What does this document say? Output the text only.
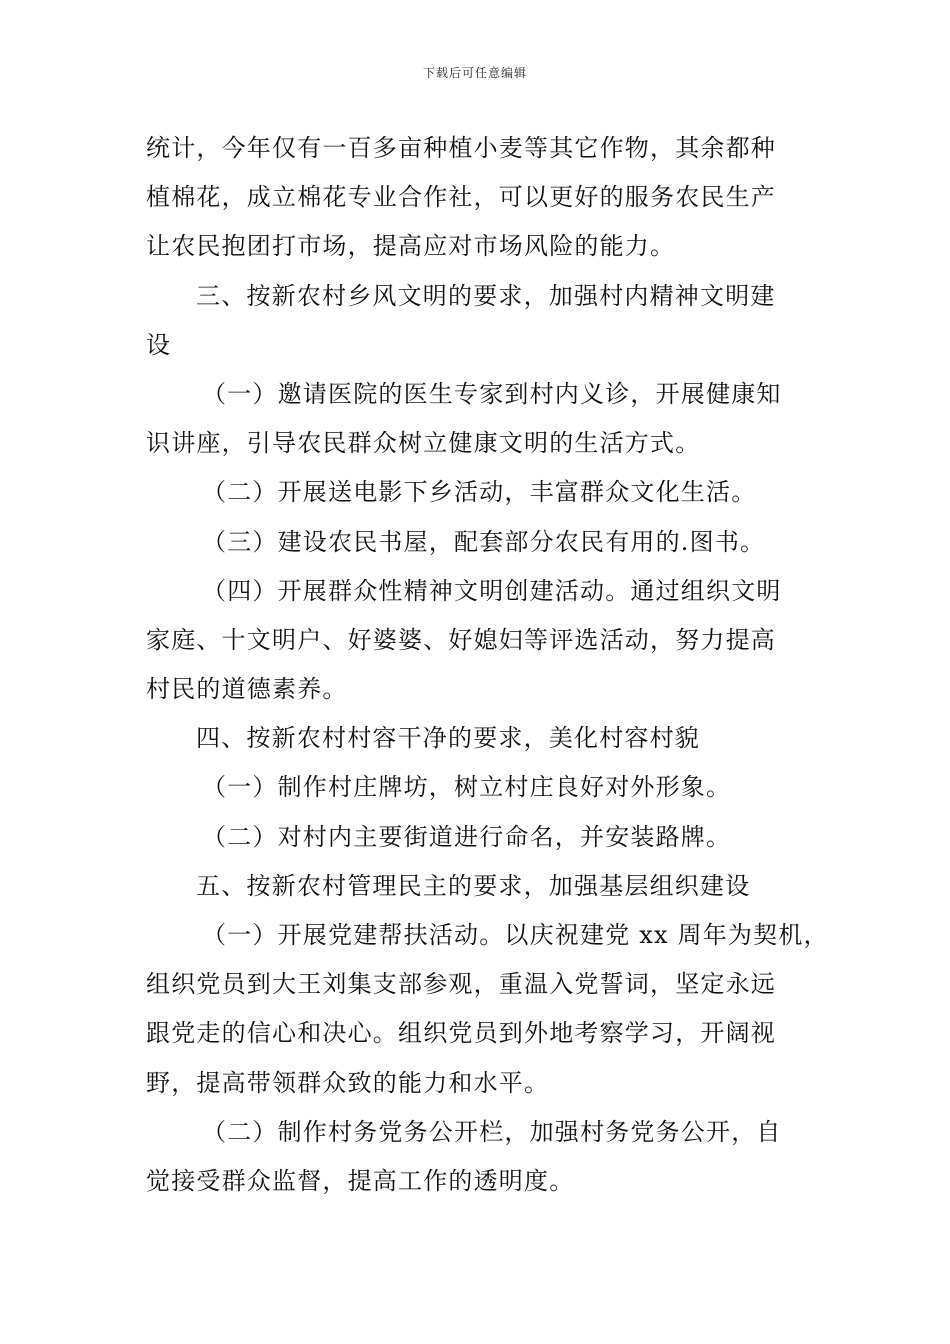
下载后可任意编辑
统计，今年仅有一百多亩种植小麦等其它作物，其余都种
植棉花，成立棉花专业合作社，可以更好的服务农民生产
让农民抱团打市场，提高应对市场风险的能力。
三、按新农村乡风文明的要求，加强村内精神文明建
设
（一）邀请医院的医生专家到村内义诊，开展健康知
识讲座，引导农民群众树立健康文明的生活方式。
（二）开展送电影下乡活动，丰富群众文化生活。
（三）建设农民书屋，配套部分农民有用的.图书。
（四）开展群众性精神文明创建活动。通过组织文明
家庭、十文明户、好婆婆、好媳妇等评选活动，努力提高
村民的道德素养。
四、按新农村村容干净的要求，美化村容村貌
（一）制作村庄牌坊，树立村庄良好对外形象。
（二）对村内主要街道进行命名，并安装路牌。
五、按新农村管理民主的要求，加强基层组织建设
（一）开展党建帮扶活动。以庆祝建党 xx 周年为契机，
组织党员到大王刘集支部参观，重温入党誓词，坚定永远
跟党走的信心和决心。组织党员到外地考察学习，开阔视
野，提高带领群众致的能力和水平。
（二）制作村务党务公开栏，加强村务党务公开，自
觉接受群众监督，提高工作的透明度。
